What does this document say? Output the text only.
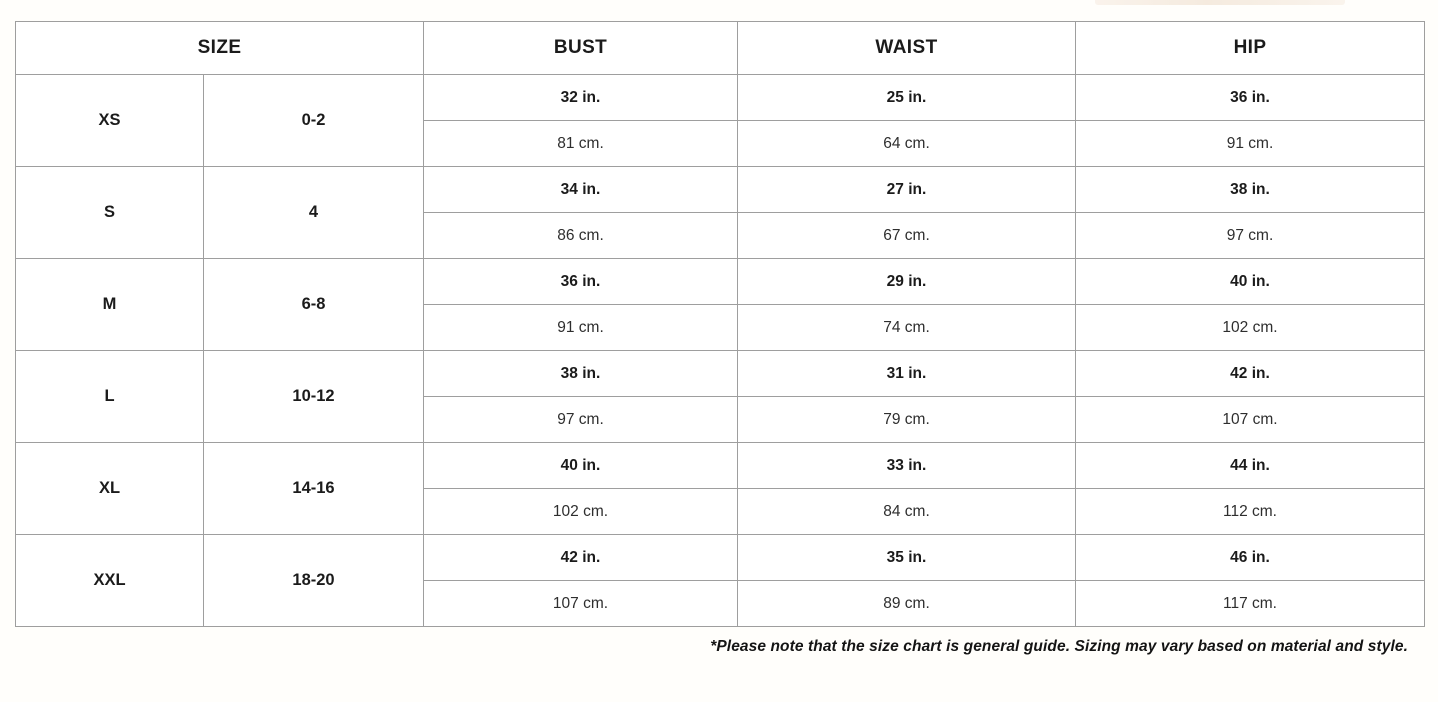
SIZE		BUST	WAIST	HIP
XS	0-2	32 in.	25 in.	36 in.
		81 cm.	64 cm.	91 cm.
S	4	34 in.	27 in.	38 in.
		86 cm.	67 cm.	97 cm.
M	6-8	36 in.	29 in.	40 in.
		91 cm.	74 cm.	102 cm.
L	10-12	38 in.	31 in.	42 in.
		97 cm.	79 cm.	107 cm.
XL	14-16	40 in.	33 in.	44 in.
		102 cm.	84 cm.	112 cm.
XXL	18-20	42 in.	35 in.	46 in.
		107 cm.	89 cm.	117 cm.
*Please note that the size chart is general guide. Sizing may vary based on material and style.
